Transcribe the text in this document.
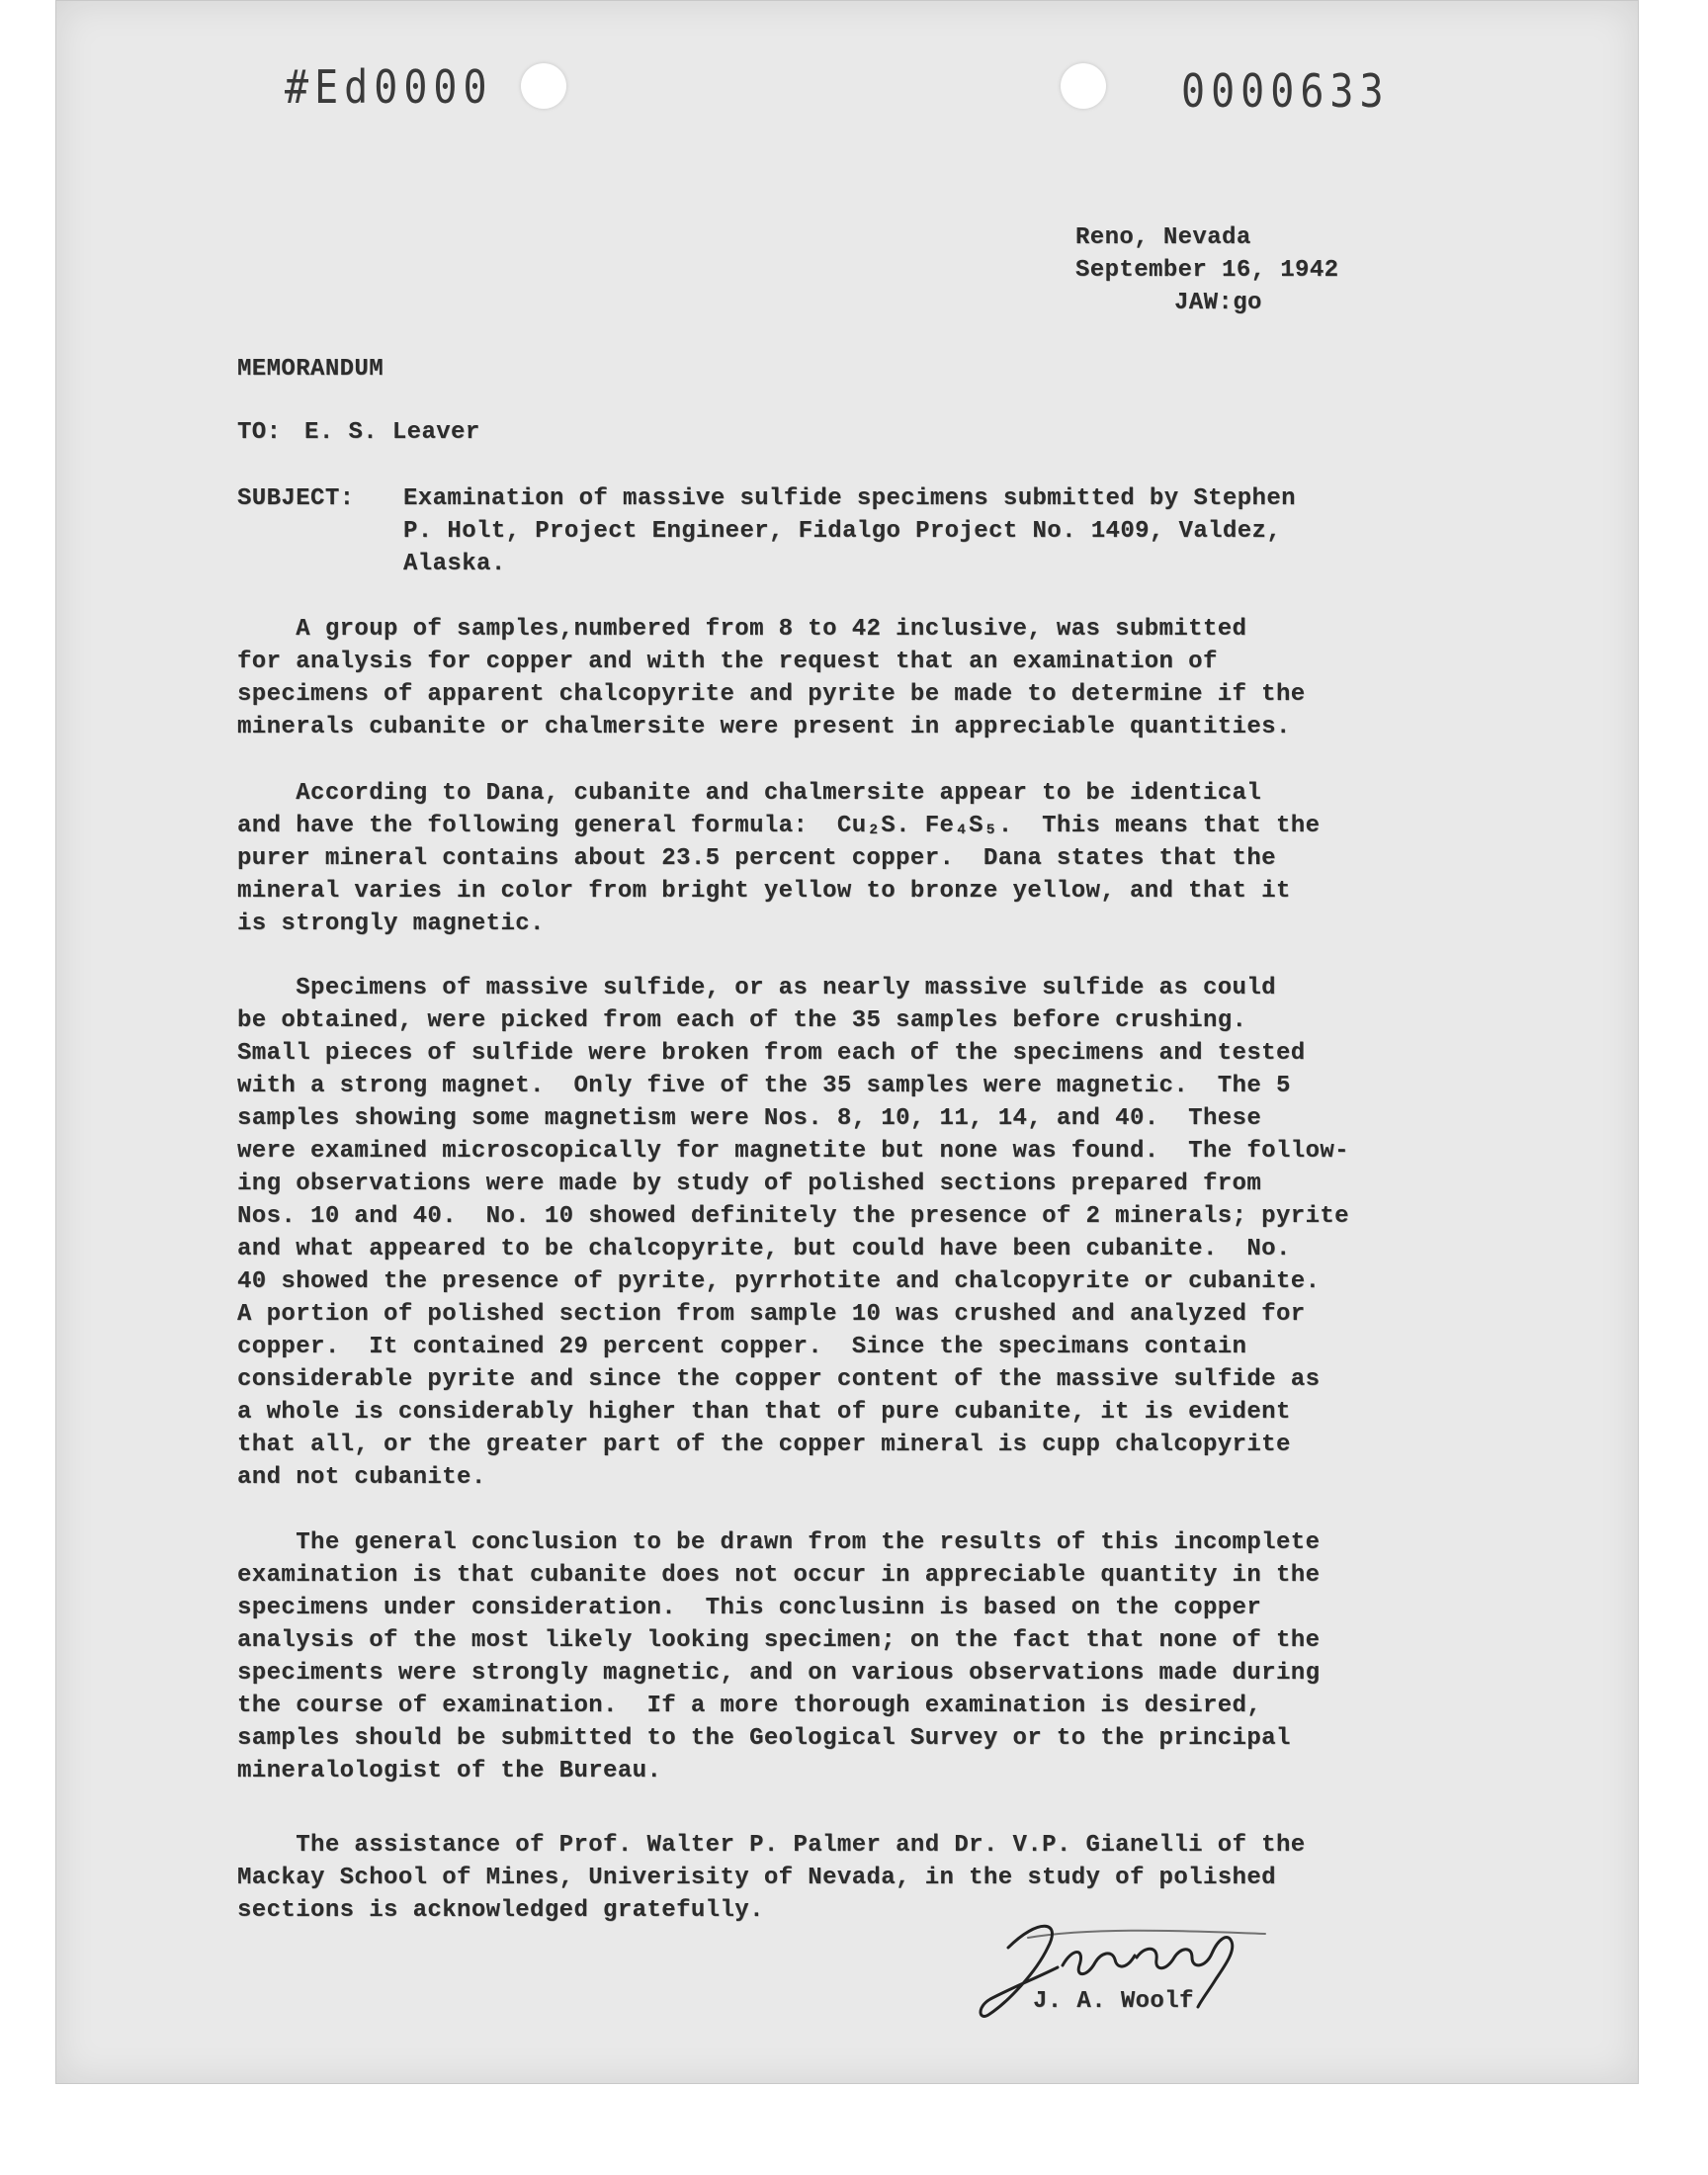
#Ed0000	0000633
Reno, Nevada
September 16, 1942
JAW:go
MEMORANDUM
TO: E. S. Leaver
SUBJECT: Examination of massive sulfide specimens submitted by Stephen
P. Holt, Project Engineer, Fidalgo Project No. 1409, Valdez,
Alaska.
A group of samples,numbered from 8 to 42 inclusive, was submitted
for analysis for copper and with the request that an examination of
specimens of apparent chalcopyrite and pyrite be made to determine if the
minerals cubanite or chalmersite were present in appreciable quantities.
According to Dana, cubanite and chalmersite appear to be identical
and have the following general formula:  Cu₂S. Fe₄S₅.  This means that the
purer mineral contains about 23.5 percent copper.  Dana states that the
mineral varies in color from bright yellow to bronze yellow, and that it
is strongly magnetic.
Specimens of massive sulfide, or as nearly massive sulfide as could
be obtained, were picked from each of the 35 samples before crushing.
Small pieces of sulfide were broken from each of the specimens and tested
with a strong magnet.  Only five of the 35 samples were magnetic.  The 5
samples showing some magnetism were Nos. 8, 10, 11, 14, and 40.  These
were examined microscopically for magnetite but none was found.  The follow-
ing observations were made by study of polished sections prepared from
Nos. 10 and 40.  No. 10 showed definitely the presence of 2 minerals; pyrite
and what appeared to be chalcopyrite, but could have been cubanite.  No.
40 showed the presence of pyrite, pyrrhotite and chalcopyrite or cubanite.
A portion of polished section from sample 10 was crushed and analyzed for
copper.  It contained 29 percent copper.  Since the specimans contain
considerable pyrite and since the copper content of the massive sulfide as
a whole is considerably higher than that of pure cubanite, it is evident
that all, or the greater part of the copper mineral is cupp chalcopyrite
and not cubanite.
The general conclusion to be drawn from the results of this incomplete
examination is that cubanite does not occur in appreciable quantity in the
specimens under consideration.  This conclusinn is based on the copper
analysis of the most likely looking specimen; on the fact that none of the
speciments were strongly magnetic, and on various observations made during
the course of examination.  If a more thorough examination is desired,
samples should be submitted to the Geological Survey or to the principal
mineralologist of the Bureau.
The assistance of Prof. Walter P. Palmer and Dr. V.P. Gianelli of the
Mackay School of Mines, Univerisity of Nevada, in the study of polished
sections is acknowledged gratefully.
J. A. Woolf
